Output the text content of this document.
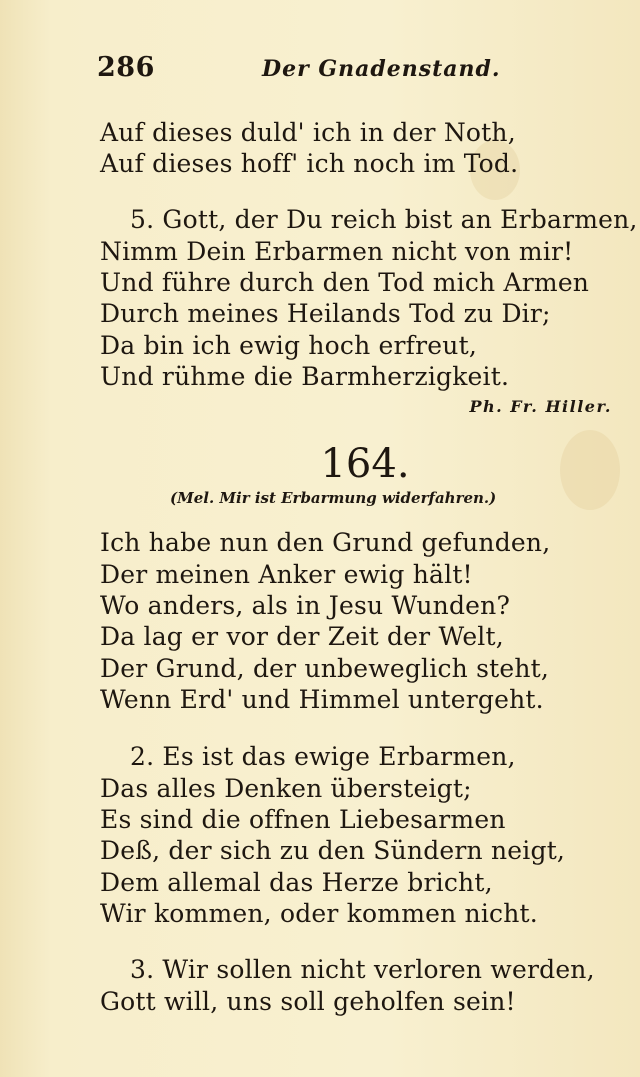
286	Der Gnadenstand.
Auf dieses duld' ich in der Noth,
Auf dieses hoff' ich noch im Tod.
5. Gott, der Du reich bist an Erbarmen,
Nimm Dein Erbarmen nicht von mir!
Und führe durch den Tod mich Armen
Durch meines Heilands Tod zu Dir;
Da bin ich ewig hoch erfreut,
Und rühme die Barmherzigkeit.
Ph. Fr. Hiller.
164.
(Mel. Mir ist Erbarmung widerfahren.)
Ich habe nun den Grund gefunden,
Der meinen Anker ewig hält!
Wo anders, als in Jesu Wunden?
Da lag er vor der Zeit der Welt,
Der Grund, der unbeweglich steht,
Wenn Erd' und Himmel untergeht.
2. Es ist das ewige Erbarmen,
Das alles Denken übersteigt;
Es sind die offnen Liebesarmen
Deß, der sich zu den Sündern neigt,
Dem allemal das Herze bricht,
Wir kommen, oder kommen nicht.
3. Wir sollen nicht verloren werden,
Gott will, uns soll geholfen sein!
